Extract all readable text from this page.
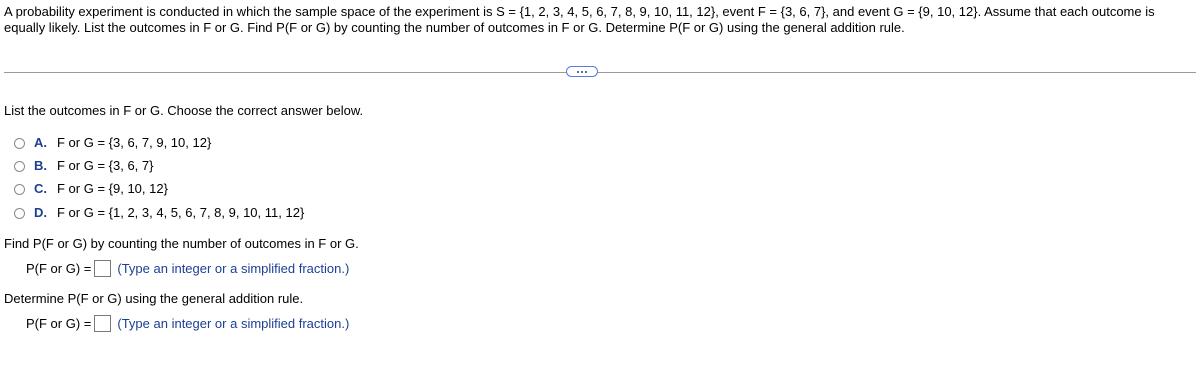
A probability experiment is conducted in which the sample space of the experiment is S = {1, 2, 3, 4, 5, 6, 7, 8, 9, 10, 11, 12}, event F = {3, 6, 7}, and event G = {9, 10, 12}. Assume that each outcome is equally likely. List the outcomes in F or G. Find P(F or G) by counting the number of outcomes in F or G. Determine P(F or G) using the general addition rule.
List the outcomes in F or G. Choose the correct answer below.
A. F or G = {3, 6, 7, 9, 10, 12}
B. F or G = {3, 6, 7}
C. F or G = {9, 10, 12}
D. F or G = {1, 2, 3, 4, 5, 6, 7, 8, 9, 10, 11, 12}
Find P(F or G) by counting the number of outcomes in F or G.
P(F or G) = (Type an integer or a simplified fraction.)
Determine P(F or G) using the general addition rule.
P(F or G) = (Type an integer or a simplified fraction.)
